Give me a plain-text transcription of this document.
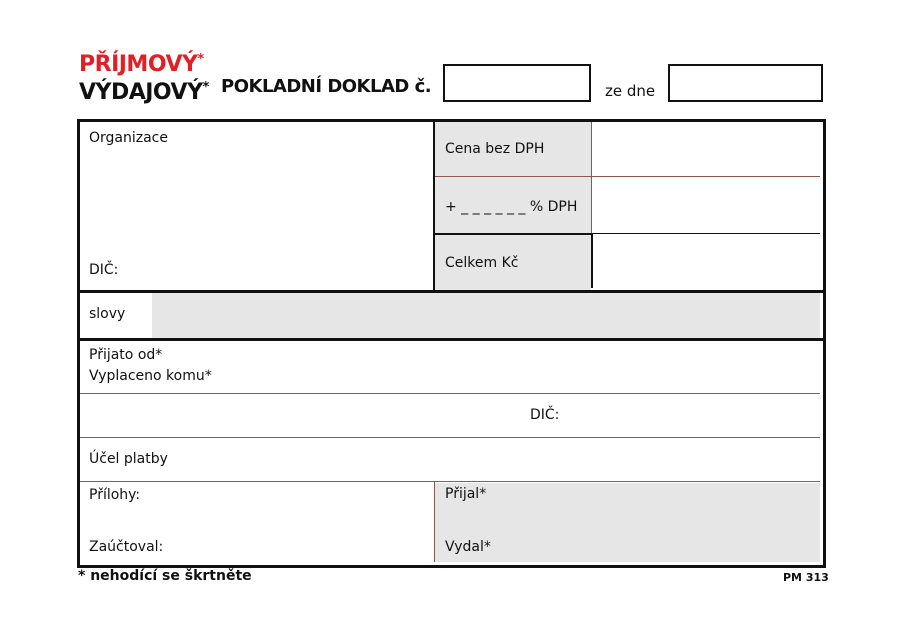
PŘÍJMOVÝ*
VÝDAJOVÝ* POKLADNÍ DOKLAD č.	ze dne
Organizace
DIČ:
Cena bez DPH
+ _ _ _ _ _ _ % DPH
Celkem Kč
slovy
Přijato od*
Vyplaceno komu*
DIČ:
Účel platby
Přílohy:
Zaúčtoval:
Přijal*
Vydal*
* nehodící se škrtněte	PM 313
